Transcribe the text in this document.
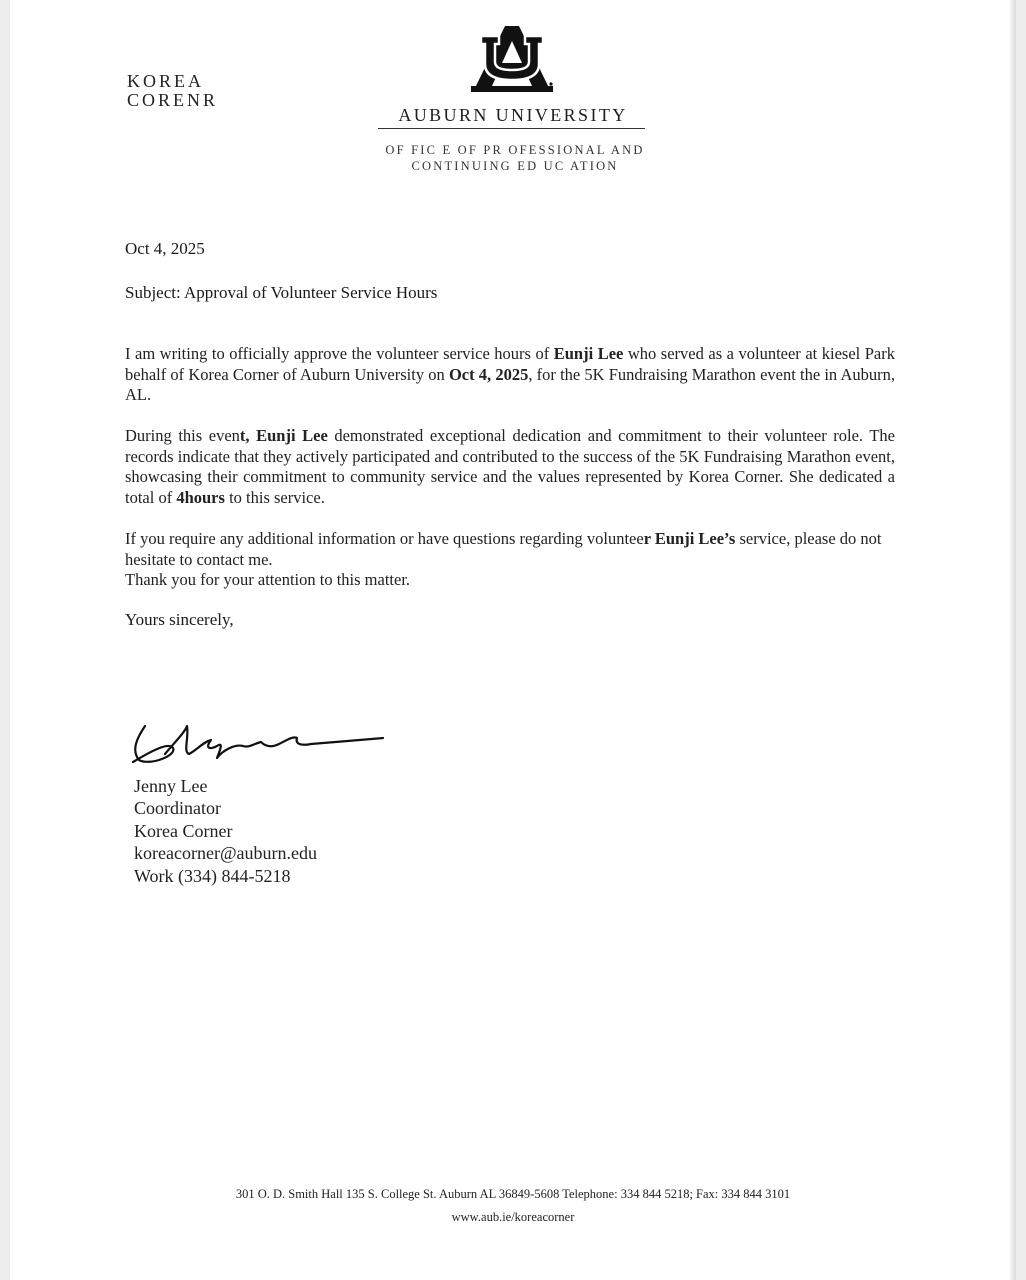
KOREA
CORENR
AUBURN UNIVERSITY
OF FIC E OF PR OFESSIONAL AND
CONTINUING ED UC ATION
Oct 4, 2025
Subject: Approval of Volunteer Service Hours
I am writing to officially approve the volunteer service hours of Eunji Lee who served as a volunteer at kiesel Park behalf of Korea Corner of Auburn University on Oct 4, 2025, for the 5K Fundraising Marathon event the in Auburn, AL.
During this event, Eunji Lee demonstrated exceptional dedication and commitment to their volunteer role. The records indicate that they actively participated and contributed to the success of the 5K Fundraising Marathon event, showcasing their commitment to community service and the values represented by Korea Corner. She dedicated a total of 4hours to this service.
If you require any additional information or have questions regarding volunteer Eunji Lee’s service, please do not hesitate to contact me.
Thank you for your attention to this matter.
Yours sincerely,
Jenny Lee
Coordinator
Korea Corner
koreacorner@auburn.edu
Work (334) 844-5218
301 O. D. Smith Hall 135 S. College St. Auburn AL 36849-5608 Telephone: 334 844 5218; Fax: 334 844 3101
www.aub.ie/koreacorner
